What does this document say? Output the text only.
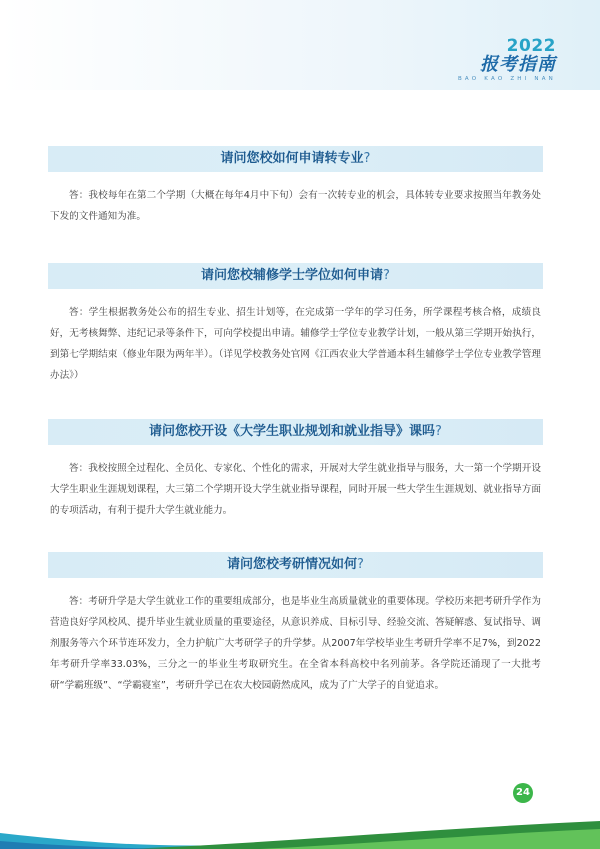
2022
报考指南
BAO KAO ZHI NAN
请问您校如何申请转专业?
答：我校每年在第二个学期（大概在每年4月中下旬）会有一次转专业的机会，具体转专业要求按照当年教务处下发的文件通知为准。
请问您校辅修学士学位如何申请?
答：学生根据教务处公布的招生专业、招生计划等，在完成第一学年的学习任务，所学课程考核合格，成绩良好，无考核舞弊、违纪记录等条件下，可向学校提出申请。辅修学士学位专业教学计划，一般从第三学期开始执行，到第七学期结束（修业年限为两年半）。（详见学校教务处官网《江西农业大学普通本科生辅修学士学位专业教学管理办法》）
请问您校开设《大学生职业规划和就业指导》课吗?
答：我校按照全过程化、全员化、专家化、个性化的需求，开展对大学生就业指导与服务，大一第一个学期开设大学生职业生涯规划课程，大三第二个学期开设大学生就业指导课程，同时开展一些大学生生涯规划、就业指导方面的专项活动，有利于提升大学生就业能力。
请问您校考研情况如何?
答：考研升学是大学生就业工作的重要组成部分，也是毕业生高质量就业的重要体现。学校历来把考研升学作为营造良好学风校风、提升毕业生就业质量的重要途径，从意识养成、目标引导、经验交流、答疑解惑、复试指导、调剂服务等六个环节连环发力，全力护航广大考研学子的升学梦。从2007年学校毕业生考研升学率不足7%，到2022年考研升学率33.03%，三分之一的毕业生考取研究生。在全省本科高校中名列前茅。各学院还涌现了一大批考研“学霸班级”、“学霸寝室”，考研升学已在农大校园蔚然成风，成为了广大学子的自觉追求。
24
